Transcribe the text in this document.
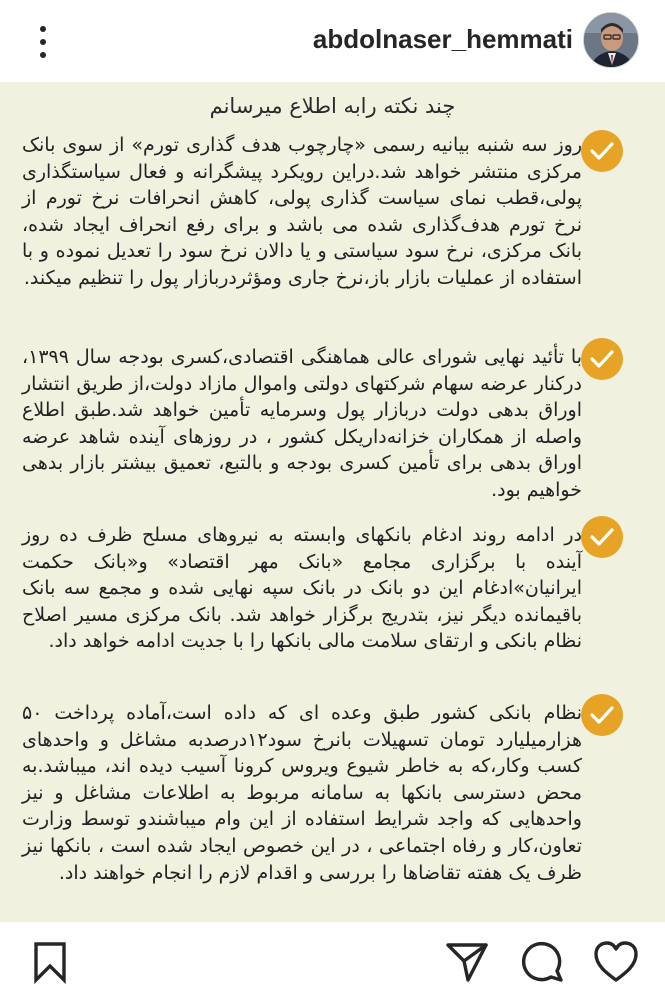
abdolnaser_hemmati
چند نکته رابه اطلاع میرسانم
روز سه شنبه بیانیه رسمی «چارچوب هدف گذاری تورم» از سوی بانک مرکزی منتشر خواهد شد.دراین رویکرد پیشگرانه و فعال سیاستگذاری پولی،قطب نمای سیاست گذاری پولی، کاهش انحرافات نرخ تورم از نرخ تورم هدف‌گذاری شده می باشد و برای رفع انحراف ایجاد شده، بانک مرکزی، نرخ سود سیاستی و یا دالان نرخ سود را تعدیل نموده و با استفاده از عملیات بازار باز،نرخ جاری ومؤثردربازار پول را تنظیم میکند.
با تأئید نهایی شورای عالی هماهنگی اقتصادی،کسری بودجه سال ۱۳۹۹، درکنار عرضه سهام شرکتهای دولتی واموال مازاد دولت،از طریق انتشار اوراق بدهی دولت دربازار پول وسرمایه تأمین خواهد شد.طبق اطلاع واصله از همکاران خزانه‌داریکل کشور ، در روزهای آینده شاهد عرضه اوراق بدهی برای تأمین کسری بودجه و بالتبع، تعمیق بیشتر بازار بدهی خواهیم بود.
در ادامه روند ادغام بانکهای وابسته به نیروهای مسلح ظرف ده روز آینده با برگزاری مجامع «بانک مهر اقتصاد» و«بانک حکمت ایرانیان»ادغام این دو بانک در بانک سپه نهایی شده و مجمع سه بانک باقیمانده دیگر نیز، بتدریج برگزار خواهد شد. بانک مرکزی مسیر اصلاح نظام بانکی و ارتقای سلامت مالی بانکها را با جدیت ادامه خواهد داد.
نظام بانکی کشور طبق وعده ای که داده است،آماده پرداخت ۵۰ هزارمیلیارد تومان تسهیلات بانرخ سود۱۲درصدبه مشاغل و واحدهای کسب وکار،که به خاطر شیوع ویروس کرونا آسیب دیده اند، میباشد.به محض دسترسی بانکها به سامانه مربوط به اطلاعات مشاغل و نیز واحدهایی که واجد شرایط استفاده از این وام میباشندو توسط وزارت تعاون،کار و رفاه اجتماعی ، در این خصوص ایجاد شده است ، بانکها نیز ظرف یک هفته تقاضاها را بررسی و اقدام لازم را انجام خواهند داد.
